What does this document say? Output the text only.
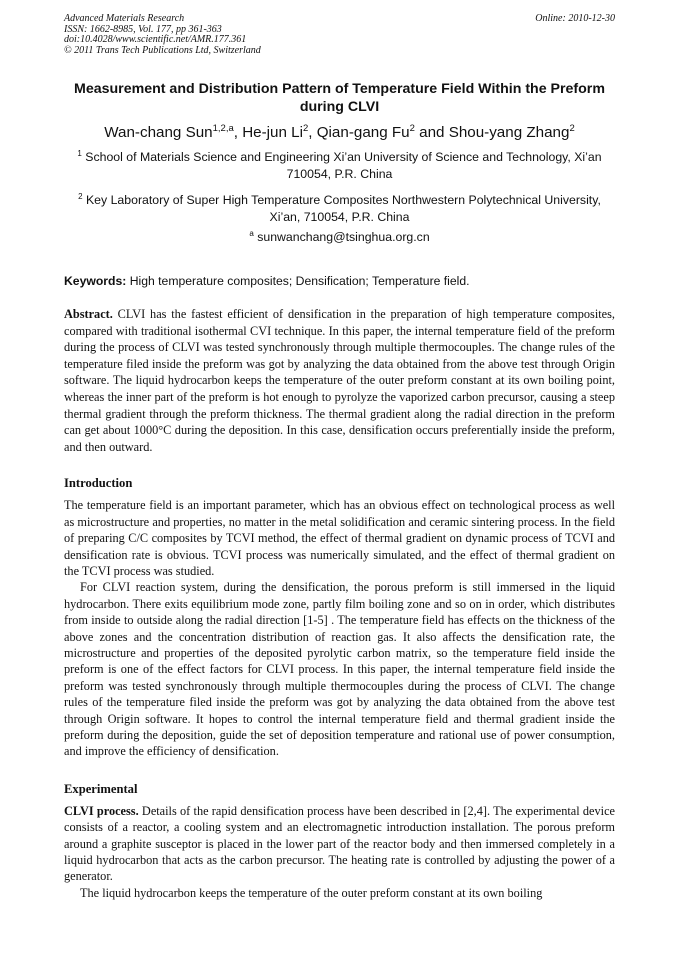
Advanced Materials Research
ISSN: 1662-8985, Vol. 177, pp 361-363
doi:10.4028/www.scientific.net/AMR.177.361
© 2011 Trans Tech Publications Ltd, Switzerland
Online: 2010-12-30
Measurement and Distribution Pattern of Temperature Field Within the Preform during CLVI
Wan-chang Sun$^{1,2,a}$, He-jun Li$^2$, Qian-gang Fu$^2$ and Shou-yang Zhang$^2$
$^1$ School of Materials Science and Engineering Xi’an University of Science and Technology, Xi’an 710054, P.R. China
$^2$ Key Laboratory of Super High Temperature Composites Northwestern Polytechnical University, Xi’an, 710054, P.R. China
$^a$ sunwanchang@tsinghua.org.cn
Keywords: High temperature composites; Densification; Temperature field.

Abstract. CLVI has the fastest efficient of densification in the preparation of high temperature composites, compared with traditional isothermal CVI technique. In this paper, the internal temperature field of the preform during the process of CLVI was tested synchronously through multiple thermocouples. The change rules of the temperature filed inside the preform was got by analyzing the data obtained from the above test through Origin software. The liquid hydrocarbon keeps the temperature of the outer preform constant at its own boiling point, whereas the inner part of the preform is hot enough to pyrolyze the vaporized carbon precursor, causing a steep thermal gradient through the preform thickness. The thermal gradient along the radial direction in the preform can get about 1000°C during the deposition. In this case, densification occurs preferentially inside the preform, and then outward.

Introduction

The temperature field is an important parameter, which has an obvious effect on technological process as well as microstructure and properties, no matter in the metal solidification and ceramic sintering process. In the field of preparing C/C composites by TCVI method, the effect of thermal gradient on dynamic process of TCVI and densification rate is obvious. TCVI process was numerically simulated, and the effect of thermal gradient on the TCVI process was studied.

For CLVI reaction system, during the densification, the porous preform is still immersed in the liquid hydrocarbon. There exits equilibrium mode zone, partly film boiling zone and so on in order, which distributes from inside to outside along the radial direction [1-5] . The temperature field has effects on the thickness of the above zones and the concentration distribution of reaction gas. It also affects the densification rate, the microstructure and properties of the deposited pyrolytic carbon matrix, so the temperature field inside the preform is one of the effect factors for CLVI process. In this paper, the internal temperature field inside the preform was tested synchronously through multiple thermocouples during the process of CLVI. The change rules of the temperature filed inside the preform was got by analyzing the data obtained from the above test through Origin software. It hopes to control the internal temperature field and thermal gradient inside the preform during the deposition, guide the set of deposition temperature and rational use of power consumption, and improve the efficiency of densification.

Experimental

CLVI process. Details of the rapid densification process have been described in [2,4]. The experimental device consists of a reactor, a cooling system and an electromagnetic introduction installation. The porous preform around a graphite susceptor is placed in the lower part of the reactor body and then immersed completely in a liquid hydrocarbon that acts as the carbon precursor. The heating rate is controlled by adjusting the power of a generator.

The liquid hydrocarbon keeps the temperature of the outer preform constant at its own boiling
